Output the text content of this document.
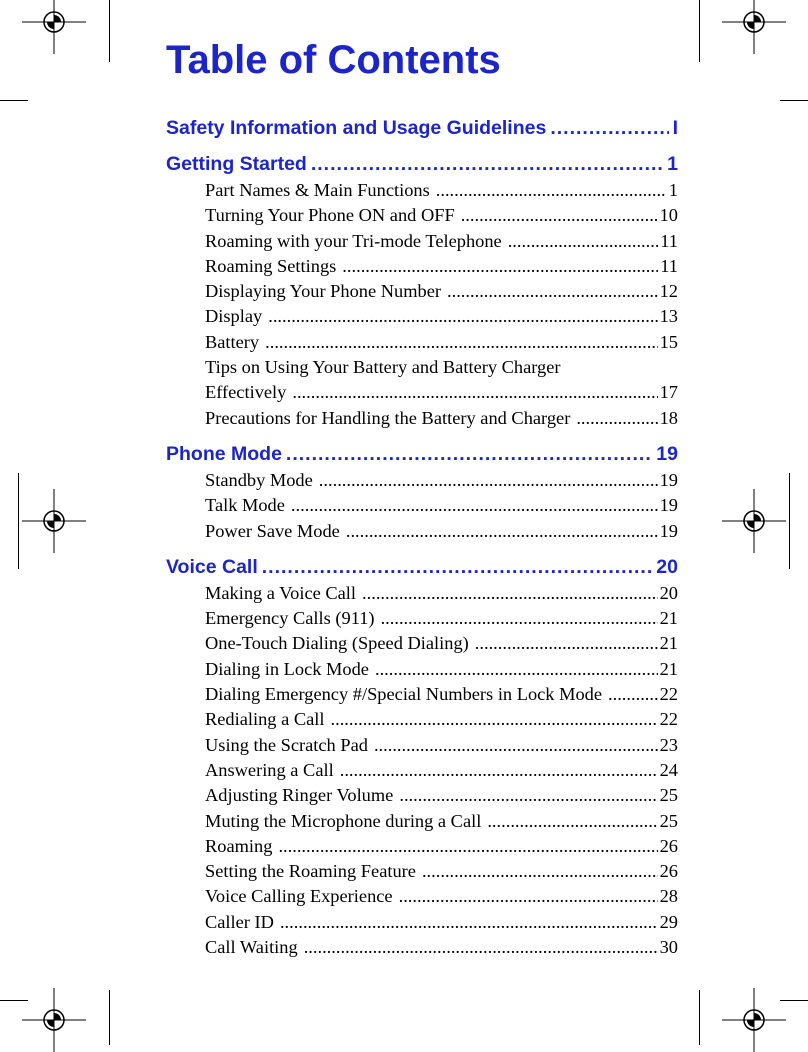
Table of Contents
Safety Information and Usage Guidelines .....	I
Getting Started .....	1
Part Names & Main Functions .....	1
Turning Your Phone ON and OFF .....	10
Roaming with your Tri-mode Telephone .....	11
Roaming Settings .....	11
Displaying Your Phone Number .....	12
Display .....	13
Battery .....	15
Tips on Using Your Battery and Battery Charger
Effectively .....	17
Precautions for Handling the Battery and Charger .....	18
Phone Mode .....	19
Standby Mode .....	19
Talk Mode .....	19
Power Save Mode .....	19
Voice Call .....	20
Making a Voice Call .....	20
Emergency Calls (911) .....	21
One-Touch Dialing (Speed Dialing) .....	21
Dialing in Lock Mode .....	21
Dialing Emergency #/Special Numbers in Lock Mode .....	22
Redialing a Call .....	22
Using the Scratch Pad .....	23
Answering a Call .....	24
Adjusting Ringer Volume .....	25
Muting the Microphone during a Call .....	25
Roaming .....	26
Setting the Roaming Feature .....	26
Voice Calling Experience .....	28
Caller ID .....	29
Call Waiting .....	30
